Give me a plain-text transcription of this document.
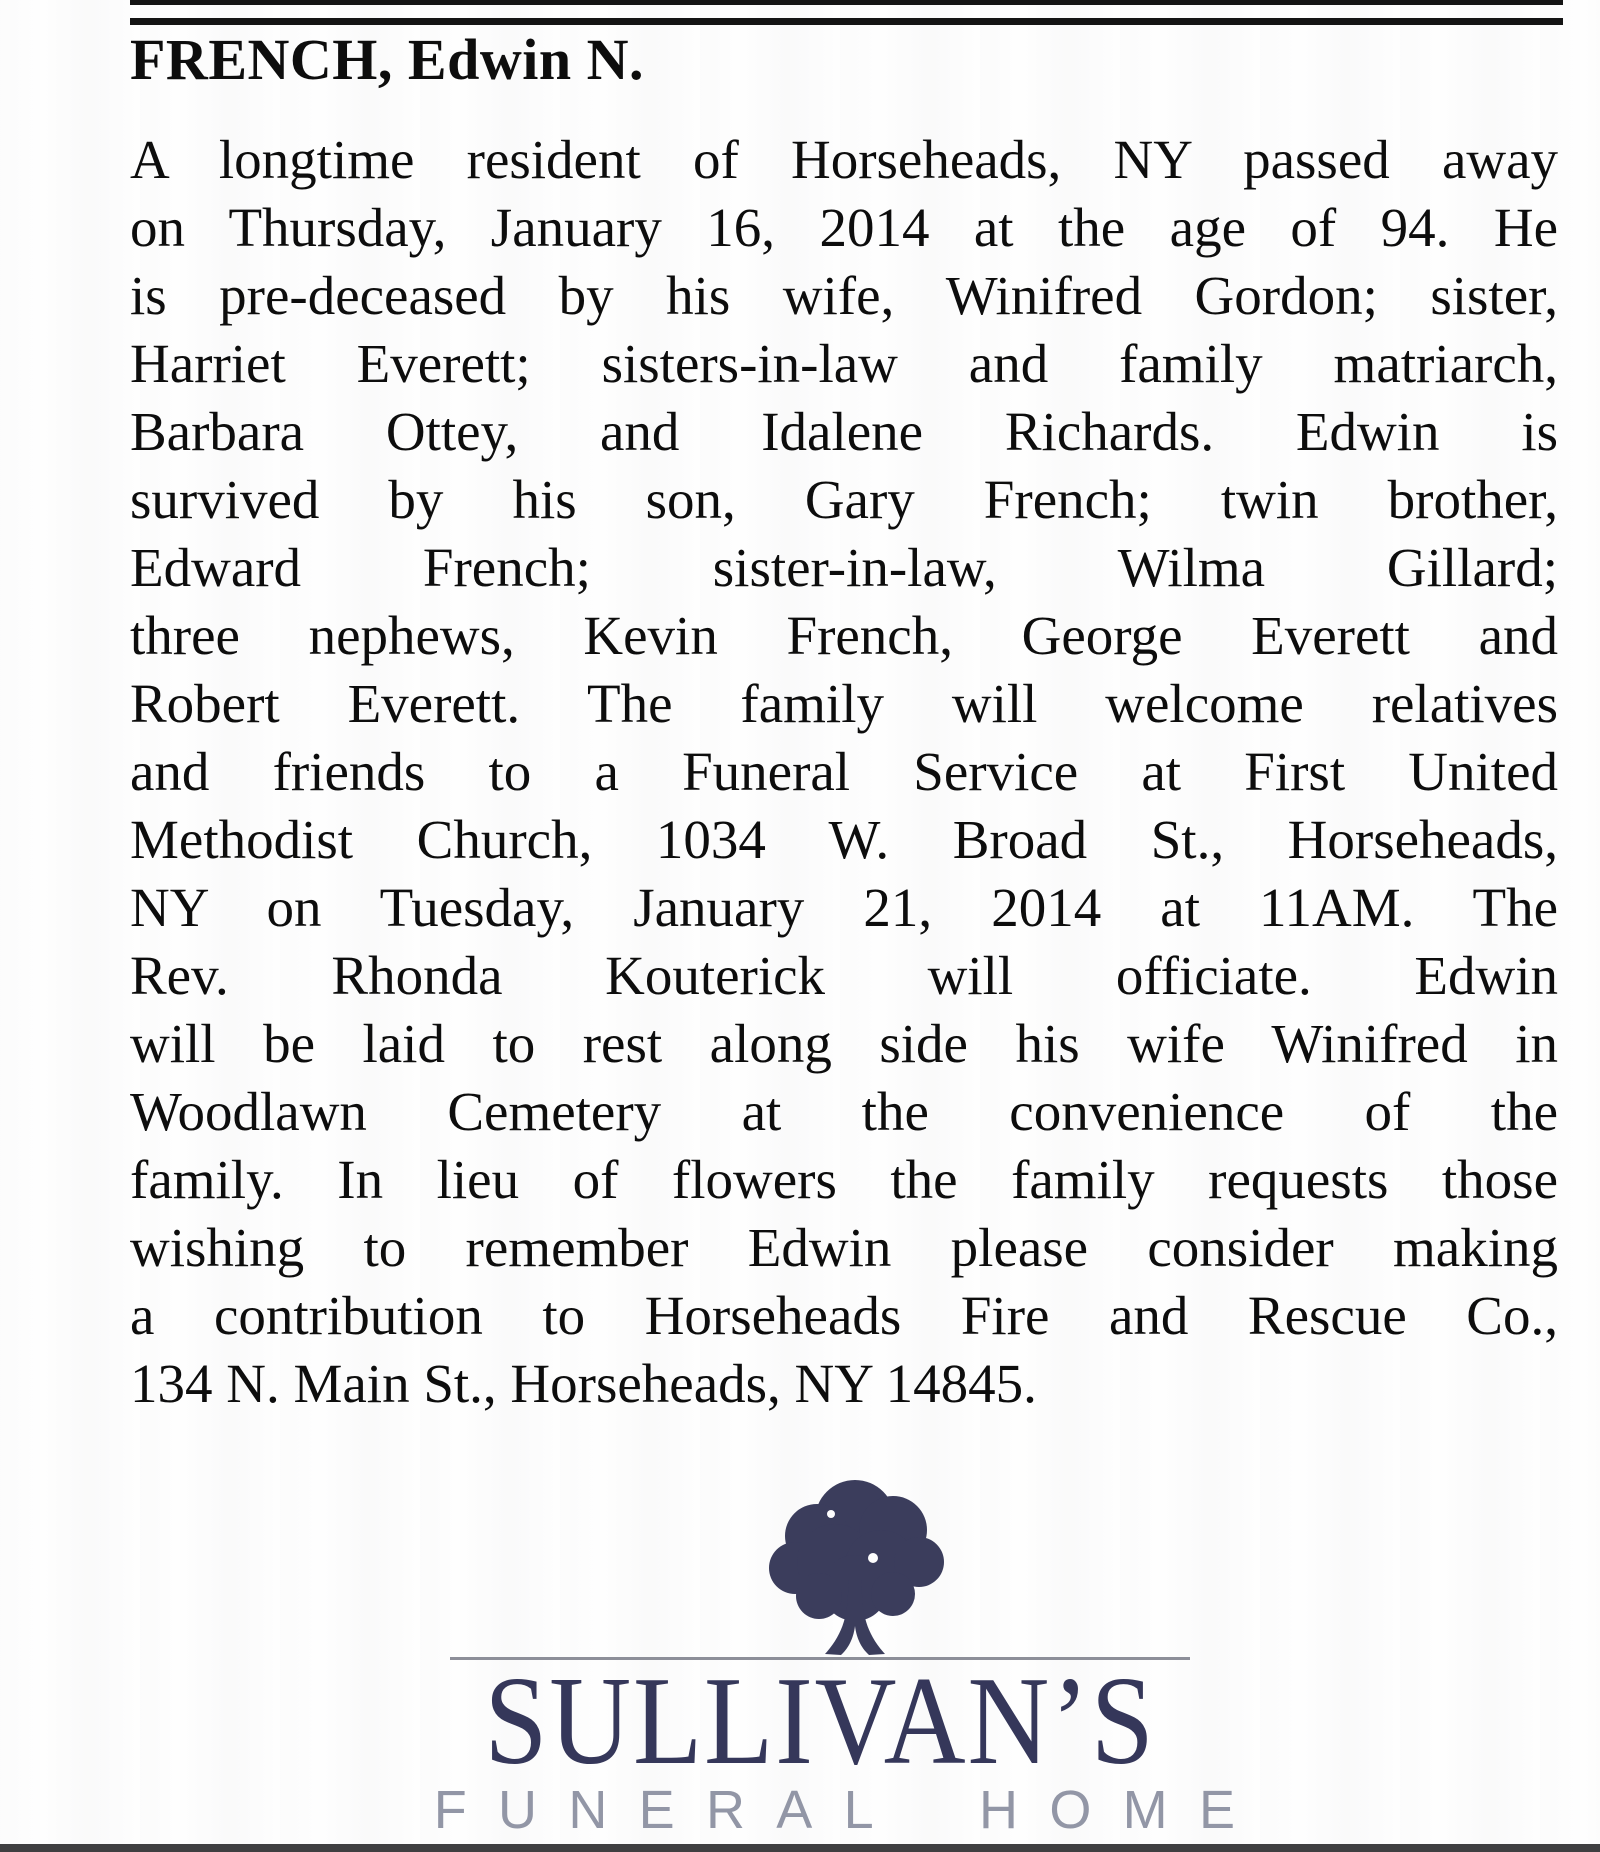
FRENCH, Edwin N.
A longtime resident of Horseheads, NY passed away
on Thursday, January 16, 2014 at the age of 94. He
is pre-deceased by his wife, Winifred Gordon; sister,
Harriet Everett; sisters-in-law and family matriarch,
Barbara Ottey, and Idalene Richards. Edwin is
survived by his son, Gary French; twin brother,
Edward French; sister-in-law, Wilma Gillard;
three nephews, Kevin French, George Everett and
Robert Everett. The family will welcome relatives
and friends to a Funeral Service at First United
Methodist Church, 1034 W. Broad St., Horseheads,
NY on Tuesday, January 21, 2014 at 11AM. The
Rev. Rhonda Kouterick will officiate. Edwin
will be laid to rest along side his wife Winifred in
Woodlawn Cemetery at the convenience of the
family. In lieu of flowers the family requests those
wishing to remember Edwin please consider making
a contribution to Horseheads Fire and Rescue Co.,
134 N. Main St., Horseheads, NY 14845.
SULLIVAN’S
FUNERAL HOME
